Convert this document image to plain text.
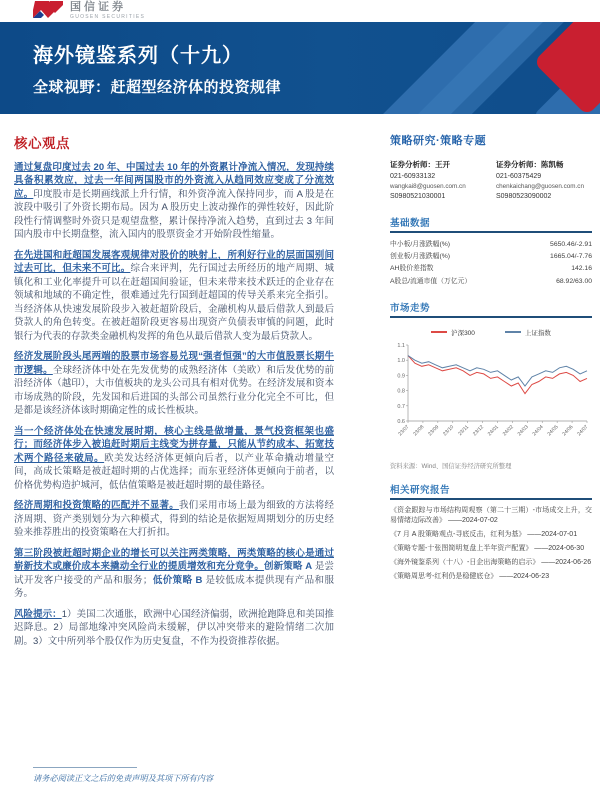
国信证券
GUOSEN SECURITIES
海外镜鉴系列（十九）
全球视野：赶超型经济体的投资规律
核心观点

通过复盘印度过去 20 年、中国过去 10 年的外资累计净流入情况，发现持续具备积累效应，过去一年间两国股市的外资流入从趋同效应变成了分流效应。印度股市是长期画线派上升行情，和外资净流入保持同步，而 A 股是在波段中吸引了外资长期布局。因为 A 股历史上波动操作的弹性较好，因此阶段性行情调整时外资只是观望盘整，累计保持净流入趋势，直到过去 3 年间国内股市中长期盘整，流入国内的股票资金才开始阶段性缩量。

在先进国和赶超国发展客观规律对股价的映射上，所利好行业的层面国别间过去可比，但未来不可比。综合来评判，先行国过去所经历的地产周期、城镇化和工业化率提升可以在赶超国间验证，但未来带来技术跃迁的企业存在领域和地域的不确定性，很难通过先行国到赶超国的传导关系来完全指引。当经济体从快速发展阶段步入被赶超阶段后，金融机构从最后借款人到最后贷款人的角色转变。在被赶超阶段更容易出现资产负债表审慎的问题，此时银行为代表的存款类金融机构发挥的角色从最后借款人变为最后贷款人。

经济发展阶段头尾两端的股票市场容易兑现“强者恒强”的大市值股票长期牛市逻辑。全球经济体中处在先发优势的成熟经济体（美欧）和后发优势的前沿经济体（越印），大市值板块的龙头公司具有相对优势。在经济发展和资本市场成熟的阶段，先发国和后进国的头部公司虽然行业分化完全不可比，但是都是该经济体该时期确定性的成长性板块。

当一个经济体处在快速发展时期，核心主线是做增量，景气投资框架也盛行；而经济体步入被追赶时期后主线变为拼存量，只能从节约成本、拓宽技术两个路径来破局。欧美发达经济体更倾向后者，以产业革命撬动增量空间，高成长策略是被赶超时期的占优选择；而东亚经济体更倾向于前者，以价格优势构造护城河，低估值策略是被赶超时期的最佳路径。

经济周期和投资策略的匹配并不显著。我们采用市场上最为细致的方法将经济周期、资产类别划分为六种模式，得到的结论是依据短周期划分的历史经验来推荐胜出的投资策略在大打折扣。

第三阶段被赶超时期企业的增长可以关注两类策略，两类策略的核心是通过崭新技术或廉价成本来撬动全行业的提质增效和充分竞争。创新策略 A 是尝试开发客户接受的产品和服务；低价策略 B 是较低成本提供现有产品和服务。

风险提示：1）美国二次通胀，欧洲中心国经济偏弱，欧洲抢跑降息和美国推迟降息。2）局部地缘冲突风险尚未缓解，伊以冲突带来的避险情绪二次加剧。3）文中所列举个股仅作为历史复盘，不作为投资推荐依据。

策略研究·策略专题
证券分析师：王开
021-60933132
wangkai8@guosen.com.cn
S0980521030001
证券分析师：陈凯畅
021-60375429
chenkaichang@guosen.com.cn
S0980523090002
基础数据
中小板/月涨跌幅(%)	5650.46/-2.91
创业板/月涨跌幅(%)	1665.04/-7.76
AH股价差指数	142.16
A股总/流通市值（万亿元）	68.92/63.00
市场走势
沪深300	上证指数
0.6
0.7
0.8
0.9
1.0
1.1
23/07 23/08 23/09 23/10 23/11 23/12 24/01 24/02 24/03 24/04 24/05 24/06 24/07
资料来源：Wind、国信证券经济研究所整理
相关研究报告
《资金跟踪与市场结构周观察（第二十三期）-市场成交上升，交易情绪边际改善》 ——2024-07-02
《7 月 A 股策略观点-寻底反击，红利为基》 ——2024-07-01
《策略专题-十张图简明复盘上半年资产配置》 ——2024-06-30
《海外镜鉴系列（十八）-日企出海策略的启示》 ——2024-06-26
《策略周思考-红利仍是稳健底仓》 ——2024-06-23
请务必阅读正文之后的免责声明及其项下所有内容
